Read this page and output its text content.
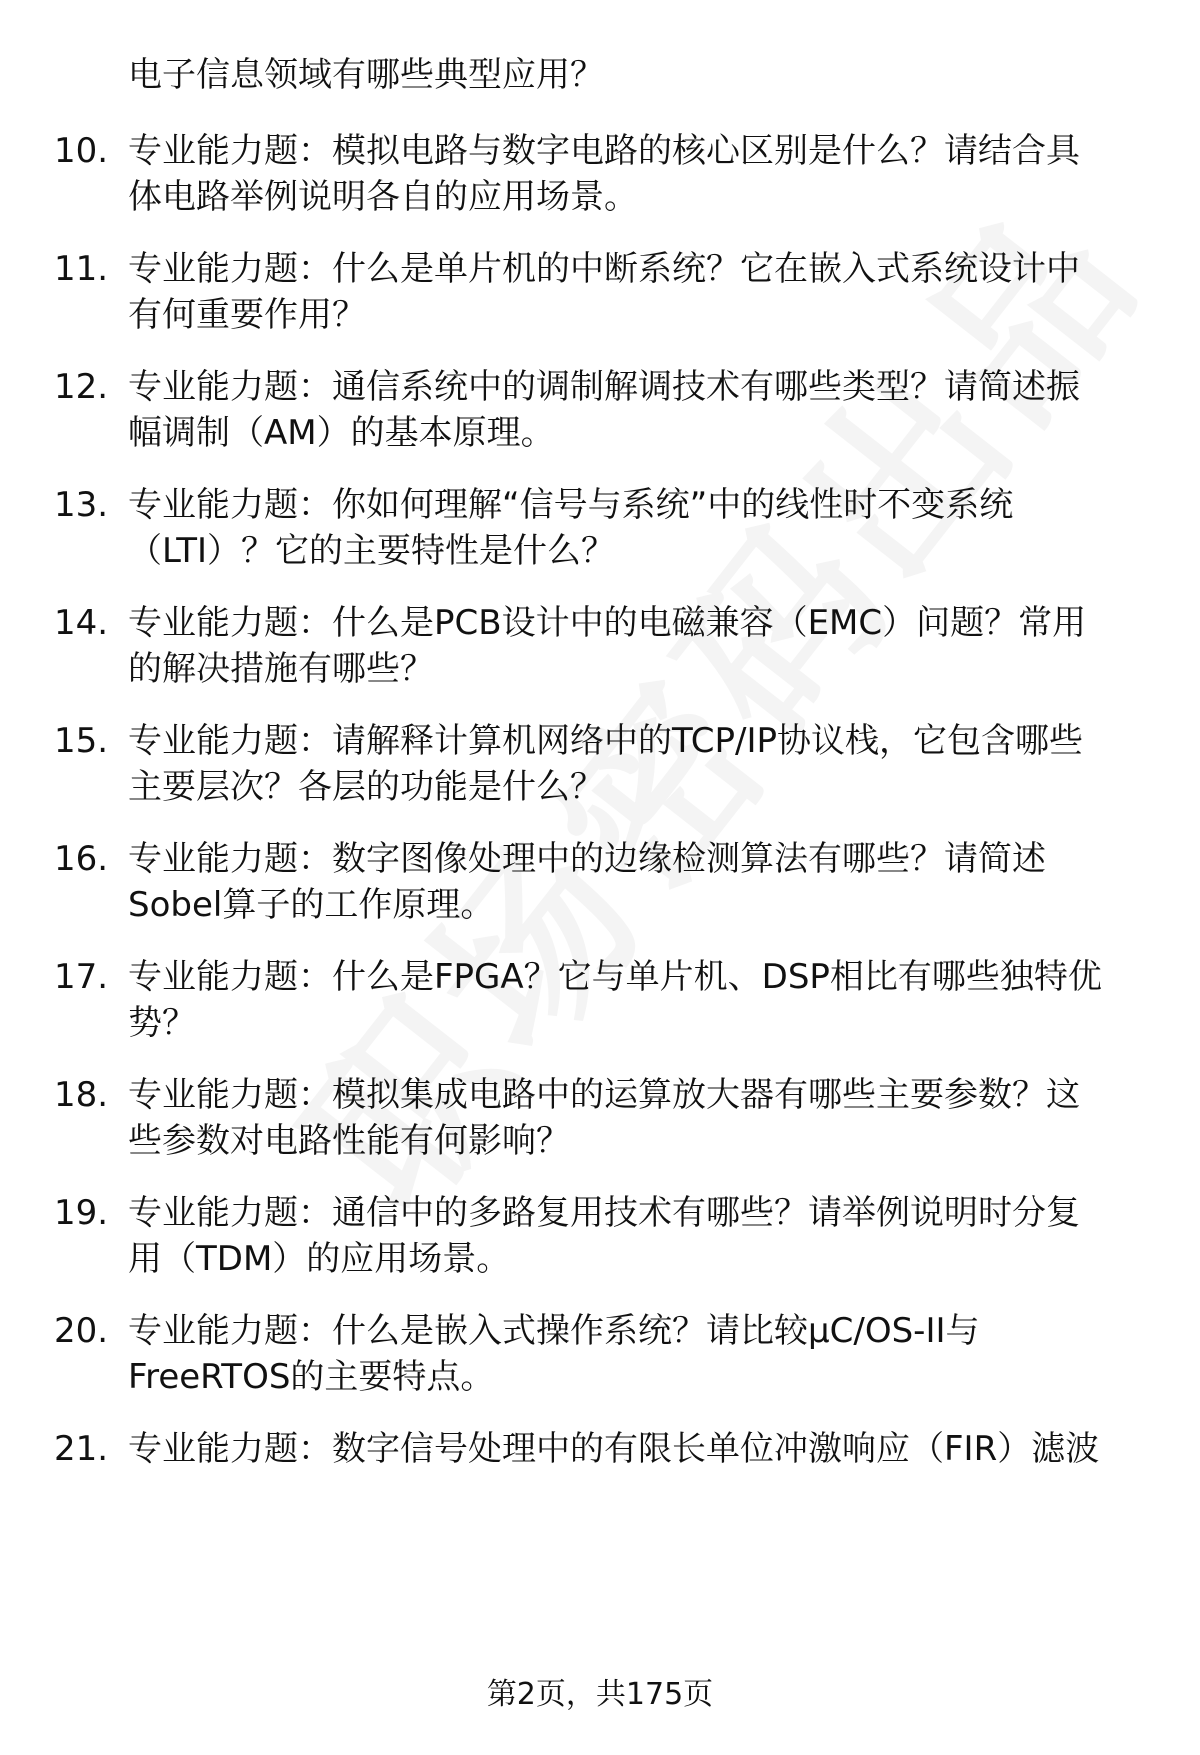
电子信息领域有哪些典型应用？
10. 专业能力题：模拟电路与数字电路的核心区别是什么？请结合具
体电路举例说明各自的应用场景。
11. 专业能力题：什么是单片机的中断系统？它在嵌入式系统设计中
有何重要作用？
12. 专业能力题：通信系统中的调制解调技术有哪些类型？请简述振
幅调制（AM）的基本原理。
13. 专业能力题：你如何理解“信号与系统”中的线性时不变系统
（LTI）？它的主要特性是什么？
14. 专业能力题：什么是PCB设计中的电磁兼容（EMC）问题？常用
的解决措施有哪些？
15. 专业能力题：请解释计算机网络中的TCP/IP协议栈，它包含哪些
主要层次？各层的功能是什么？
16. 专业能力题：数字图像处理中的边缘检测算法有哪些？请简述
Sobel算子的工作原理。
17. 专业能力题：什么是FPGA？它与单片机、DSP相比有哪些独特优
势？
18. 专业能力题：模拟集成电路中的运算放大器有哪些主要参数？这
些参数对电路性能有何影响？
19. 专业能力题：通信中的多路复用技术有哪些？请举例说明时分复
用（TDM）的应用场景。
20. 专业能力题：什么是嵌入式操作系统？请比较μC/OS-II与
FreeRTOS的主要特点。
21. 专业能力题：数字信号处理中的有限长单位冲激响应（FIR）滤波
第2页，共175页
